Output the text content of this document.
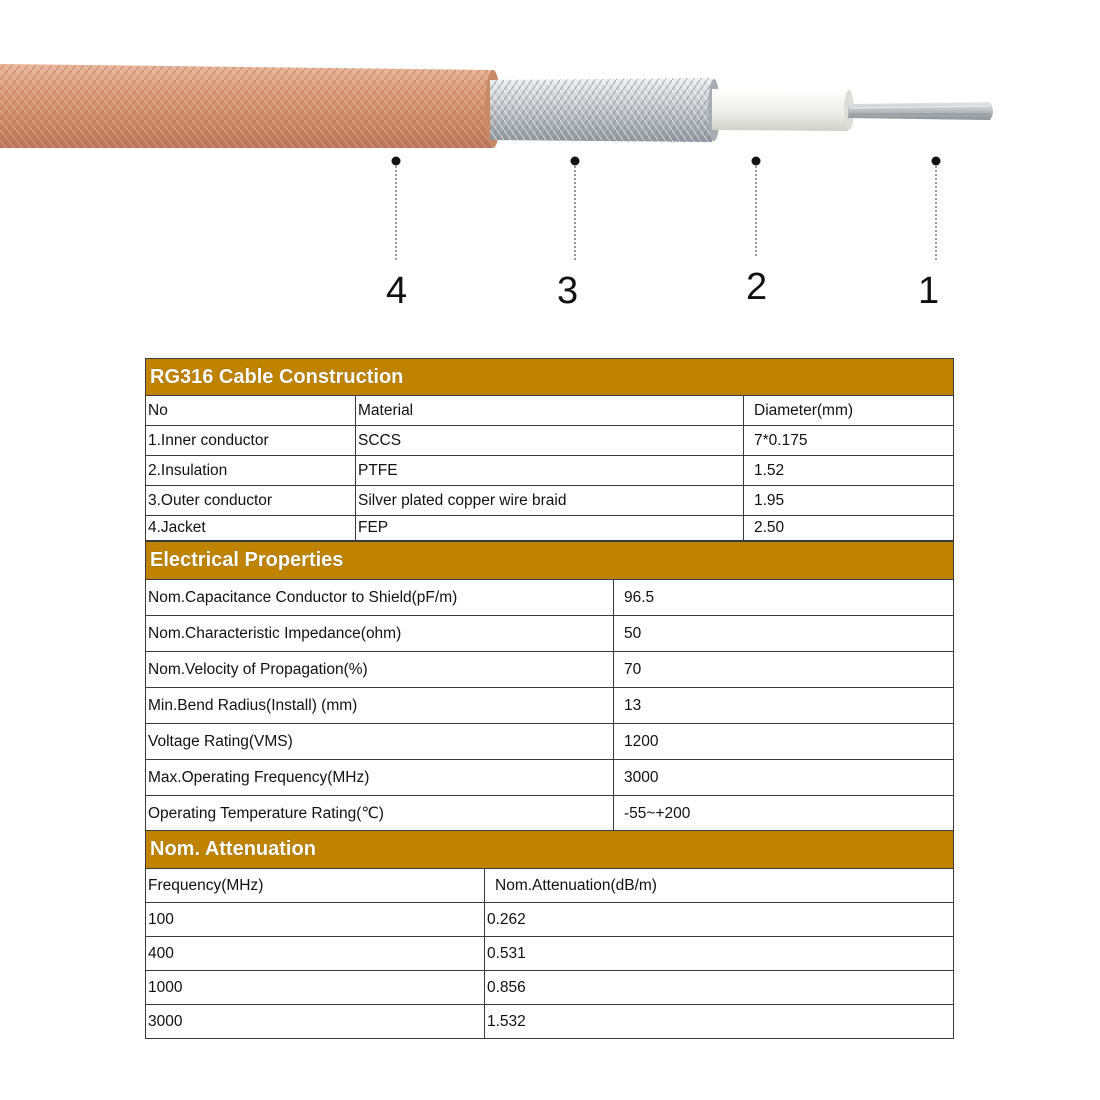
4	3	2	1
RG316 Cable Construction		
No	Material	Diameter(mm)
1.Inner conductor	SCCS	7*0.175
2.Insulation	PTFE	1.52
3.Outer conductor	Silver plated copper wire braid	1.95
4.Jacket	FEP	2.50
Electrical Properties	
Nom.Capacitance Conductor to Shield(pF/m)	96.5
Nom.Characteristic Impedance(ohm)	50
Nom.Velocity of Propagation(%)	70
Min.Bend Radius(Install) (mm)	13
Voltage Rating(VMS)	1200
Max.Operating Frequency(MHz)	3000
Operating Temperature Rating(℃)	-55~+200
Nom. Attenuation	
Frequency(MHz)	Nom.Attenuation(dB/m)
100	0.262
400	0.531
1000	0.856
3000	1.532
